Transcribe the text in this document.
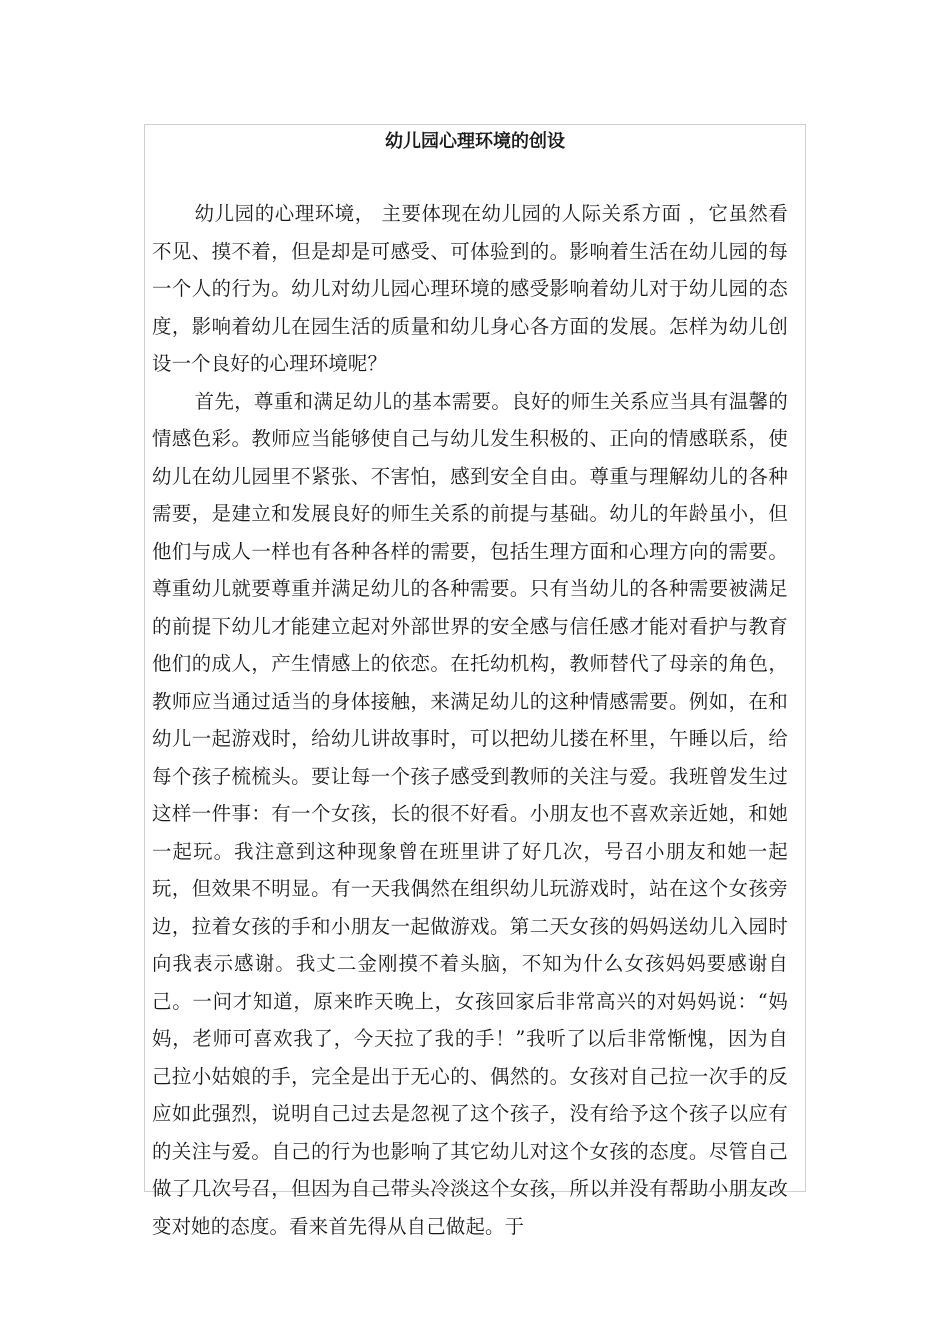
幼儿园心理环境的创设

幼儿园的心理环境， 主要体现在幼儿园的人际关系方面 ，它虽然看不见、摸不着，但是却是可感受、可体验到的。影响着生活在幼儿园的每一个人的行为。幼儿对幼儿园心理环境的感受影响着幼儿对于幼儿园的态度，影响着幼儿在园生活的质量和幼儿身心各方面的发展。怎样为幼儿创设一个良好的心理环境呢？

首先，尊重和满足幼儿的基本需要。良好的师生关系应当具有温馨的情感色彩。教师应当能够使自己与幼儿发生积极的、正向的情感联系，使幼儿在幼儿园里不紧张、不害怕，感到安全自由。尊重与理解幼儿的各种需要，是建立和发展良好的师生关系的前提与基础。幼儿的年龄虽小，但他们与成人一样也有各种各样的需要，包括生理方面和心理方向的需要。尊重幼儿就要尊重并满足幼儿的各种需要。只有当幼儿的各种需要被满足的前提下幼儿才能建立起对外部世界的安全感与信任感才能对看护与教育他们的成人，产生情感上的依恋。在托幼机构，教师替代了母亲的角色，教师应当通过适当的身体接触，来满足幼儿的这种情感需要。例如，在和幼儿一起游戏时，给幼儿讲故事时，可以把幼儿搂在杯里，午睡以后，给每个孩子梳梳头。要让每一个孩子感受到教师的关注与爱。我班曾发生过这样一件事：有一个女孩，长的很不好看。小朋友也不喜欢亲近她，和她一起玩。我注意到这种现象曾在班里讲了好几次，号召小朋友和她一起玩，但效果不明显。有一天我偶然在组织幼儿玩游戏时，站在这个女孩旁边，拉着女孩的手和小朋友一起做游戏。第二天女孩的妈妈送幼儿入园时向我表示感谢。我丈二金刚摸不着头脑，不知为什么女孩妈妈要感谢自己。一问才知道，原来昨天晚上，女孩回家后非常高兴的对妈妈说：“妈妈，老师可喜欢我了，今天拉了我的手！”我听了以后非常惭愧，因为自己拉小姑娘的手，完全是出于无心的、偶然的。女孩对自己拉一次手的反应如此强烈，说明自己过去是忽视了这个孩子，没有给予这个孩子以应有的关注与爱。自己的行为也影响了其它幼儿对这个女孩的态度。尽管自己做了几次号召，但因为自己带头冷淡这个女孩，所以并没有帮助小朋友改变对她的态度。看来首先得从自己做起。于
